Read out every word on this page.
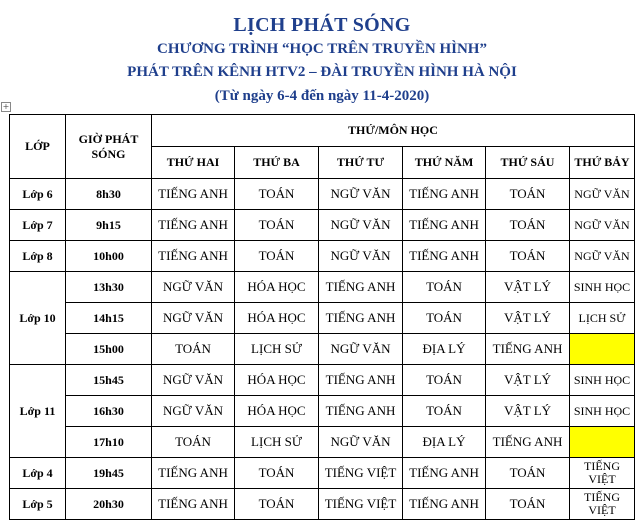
LỊCH PHÁT SÓNG
CHƯƠNG TRÌNH “HỌC TRÊN TRUYỀN HÌNH”
PHÁT TRÊN KÊNH HTV2 – ĐÀI TRUYỀN HÌNH HÀ NỘI
(Từ ngày 6-4 đến ngày 11-4-2020)
+
LỚP	GIỜ PHÁT SÓNG	THỨ/MÔN HỌC					
		THỨ HAI	THỨ BA	THỨ TƯ	THỨ NĂM	THỨ SÁU	THỨ BẢY
Lớp 6	8h30	TIẾNG ANH	TOÁN	NGỮ VĂN	TIẾNG ANH	TOÁN	NGỮ VĂN
Lớp 7	9h15	TIẾNG ANH	TOÁN	NGỮ VĂN	TIẾNG ANH	TOÁN	NGỮ VĂN
Lớp 8	10h00	TIẾNG ANH	TOÁN	NGỮ VĂN	TIẾNG ANH	TOÁN	NGỮ VĂN
Lớp 10	13h30	NGỮ VĂN	HÓA HỌC	TIẾNG ANH	TOÁN	VẬT LÝ	SINH HỌC
	14h15	NGỮ VĂN	HÓA HỌC	TIẾNG ANH	TOÁN	VẬT LÝ	LỊCH SỬ
	15h00	TOÁN	LỊCH SỬ	NGỮ VĂN	ĐỊA LÝ	TIẾNG ANH	
Lớp 11	15h45	NGỮ VĂN	HÓA HỌC	TIẾNG ANH	TOÁN	VẬT LÝ	SINH HỌC
	16h30	NGỮ VĂN	HÓA HỌC	TIẾNG ANH	TOÁN	VẬT LÝ	SINH HỌC
	17h10	TOÁN	LỊCH SỬ	NGỮ VĂN	ĐỊA LÝ	TIẾNG ANH	
Lớp 4	19h45	TIẾNG ANH	TOÁN	TIẾNG VIỆT	TIẾNG ANH	TOÁN	TIẾNG VIỆT
Lớp 5	20h30	TIẾNG ANH	TOÁN	TIẾNG VIỆT	TIẾNG ANH	TOÁN	TIẾNG VIỆT
